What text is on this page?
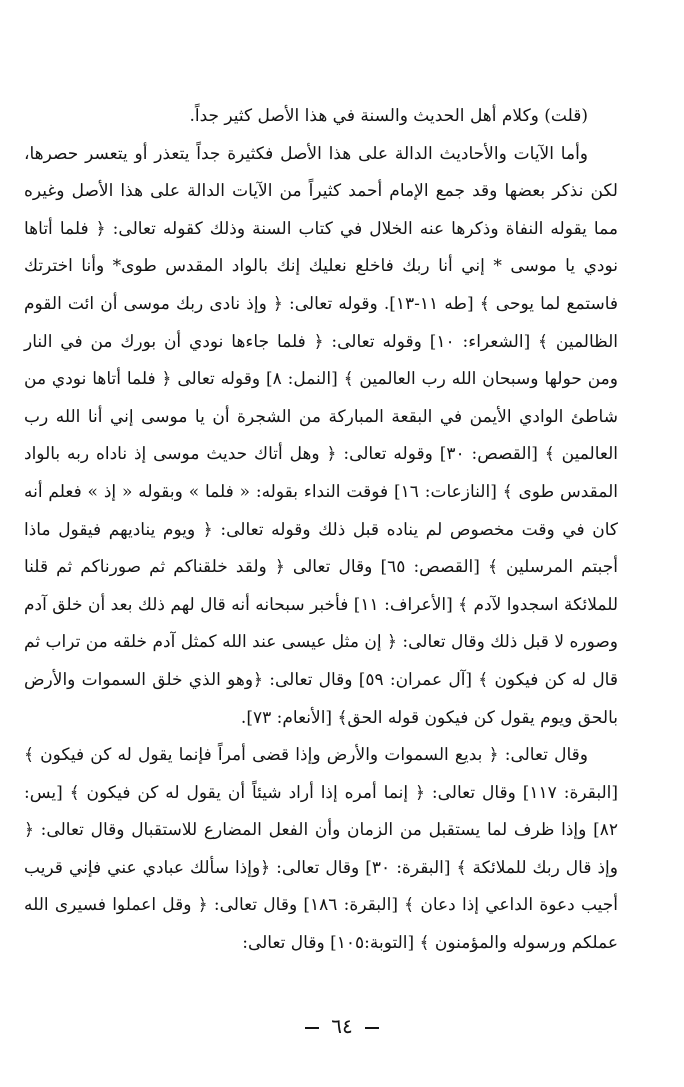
(قلت) وكلام أهل الحديث والسنة في هذا الأصل كثير جداً.

وأما الآيات والأحاديث الدالة على هذا الأصل فكثيرة جداً يتعذر أو يتعسر حصرها، لكن نذكر بعضها وقد جمع الإمام أحمد كثيراً من الآيات الدالة على هذا الأصل وغيره مما يقوله النفاة وذكرها عنه الخلال في كتاب السنة وذلك كقوله تعالى: ﴿ فلما أتاها نودي يا موسى * إني أنا ربك فاخلع نعليك إنك بالواد المقدس طوى* وأنا اخترتك فاستمع لما يوحى ﴾ [طه ١١-١٣]. وقوله تعالى: ﴿ وإذ نادى ربك موسى أن ائت القوم الظالمين ﴾ [الشعراء: ١٠] وقوله تعالى: ﴿ فلما جاءها نودي أن بورك من في النار ومن حولها وسبحان الله رب العالمين ﴾ [النمل: ٨] وقوله تعالى ﴿ فلما أتاها نودي من شاطئ الوادي الأيمن في البقعة المباركة من الشجرة أن يا موسى إني أنا الله رب العالمين ﴾ [القصص: ٣٠] وقوله تعالى: ﴿ وهل أتاك حديث موسى إذ ناداه ربه بالواد المقدس طوى ﴾ [النازعات: ١٦] فوقت النداء بقوله: « فلما » وبقوله « إذ » فعلم أنه كان في وقت مخصوص لم يناده قبل ذلك وقوله تعالى: ﴿ ويوم يناديهم فيقول ماذا أجبتم المرسلين ﴾ [القصص: ٦٥] وقال تعالى ﴿ ولقد خلقناكم ثم صورناكم ثم قلنا للملائكة اسجدوا لآدم ﴾ [الأعراف: ١١] فأخبر سبحانه أنه قال لهم ذلك بعد أن خلق آدم وصوره لا قبل ذلك وقال تعالى: ﴿ إن مثل عيسى عند الله كمثل آدم خلقه من تراب ثم قال له كن فيكون ﴾ [آل عمران: ٥٩] وقال تعالى: ﴿وهو الذي خلق السموات والأرض بالحق ويوم يقول كن فيكون قوله الحق﴾ [الأنعام: ٧٣].

وقال تعالى: ﴿ بديع السموات والأرض وإذا قضى أمراً فإنما يقول له كن فيكون ﴾ [البقرة: ١١٧] وقال تعالى: ﴿ إنما أمره إذا أراد شيئاً أن يقول له كن فيكون ﴾ [يس: ٨٢] وإذا ظرف لما يستقبل من الزمان وأن الفعل المضارع للاستقبال وقال تعالى: ﴿ وإذ قال ربك للملائكة ﴾ [البقرة: ٣٠] وقال تعالى: ﴿وإذا سألك عبادي عني فإني قريب أجيب دعوة الداعي إذا دعان ﴾ [البقرة: ١٨٦] وقال تعالى: ﴿ وقل اعملوا فسيرى الله عملكم ورسوله والمؤمنون ﴾ [التوبة:١٠٥] وقال تعالى:

٦٤
